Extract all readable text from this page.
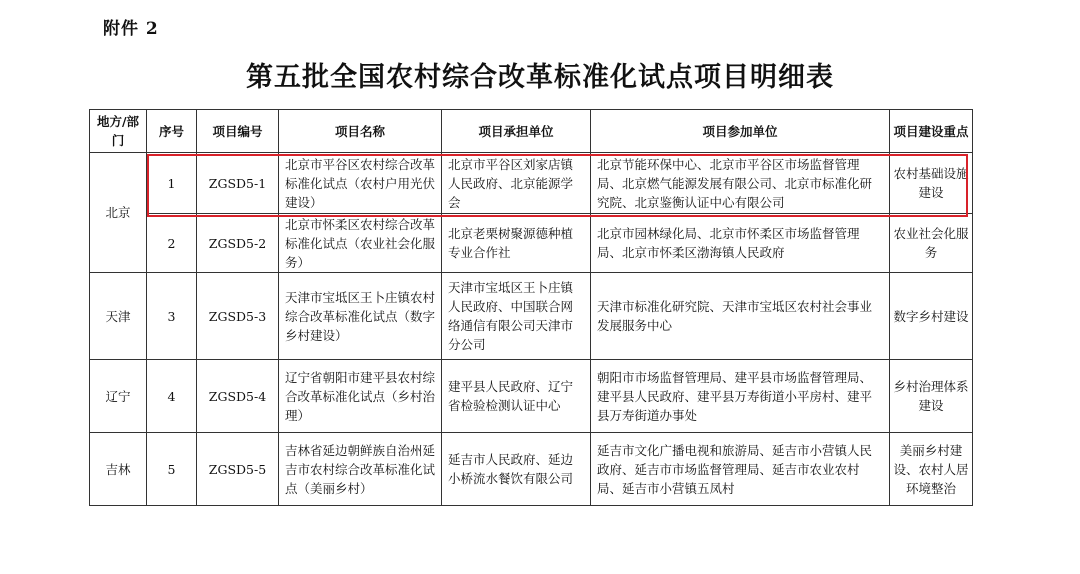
附件 2
第五批全国农村综合改革标准化试点项目明细表
地方/部门	序号	项目编号	项目名称	项目承担单位	项目参加单位	项目建设重点
北京	1	ZGSD5-1	北京市平谷区农村综合改革标准化试点（农村户用光伏建设）	北京市平谷区刘家店镇人民政府、北京能源学会	北京节能环保中心、北京市平谷区市场监督管理局、北京燃气能源发展有限公司、北京市标准化研究院、北京鉴衡认证中心有限公司	农村基础设施建设
	2	ZGSD5-2	北京市怀柔区农村综合改革标准化试点（农业社会化服务）	北京老栗树聚源德种植专业合作社	北京市园林绿化局、北京市怀柔区市场监督管理局、北京市怀柔区渤海镇人民政府	农业社会化服务
天津	3	ZGSD5-3	天津市宝坻区王卜庄镇农村综合改革标准化试点（数字乡村建设）	天津市宝坻区王卜庄镇人民政府、中国联合网络通信有限公司天津市分公司	天津市标准化研究院、天津市宝坻区农村社会事业发展服务中心	数字乡村建设
辽宁	4	ZGSD5-4	辽宁省朝阳市建平县农村综合改革标准化试点（乡村治理）	建平县人民政府、辽宁省检验检测认证中心	朝阳市市场监督管理局、建平县市场监督管理局、建平县人民政府、建平县万寿街道小平房村、建平县万寿街道办事处	乡村治理体系建设
吉林	5	ZGSD5-5	吉林省延边朝鲜族自治州延吉市农村综合改革标准化试点（美丽乡村）	延吉市人民政府、延边小桥流水餐饮有限公司	延吉市文化广播电视和旅游局、延吉市小营镇人民政府、延吉市市场监督管理局、延吉市农业农村局、延吉市小营镇五凤村	美丽乡村建设、农村人居环境整治
